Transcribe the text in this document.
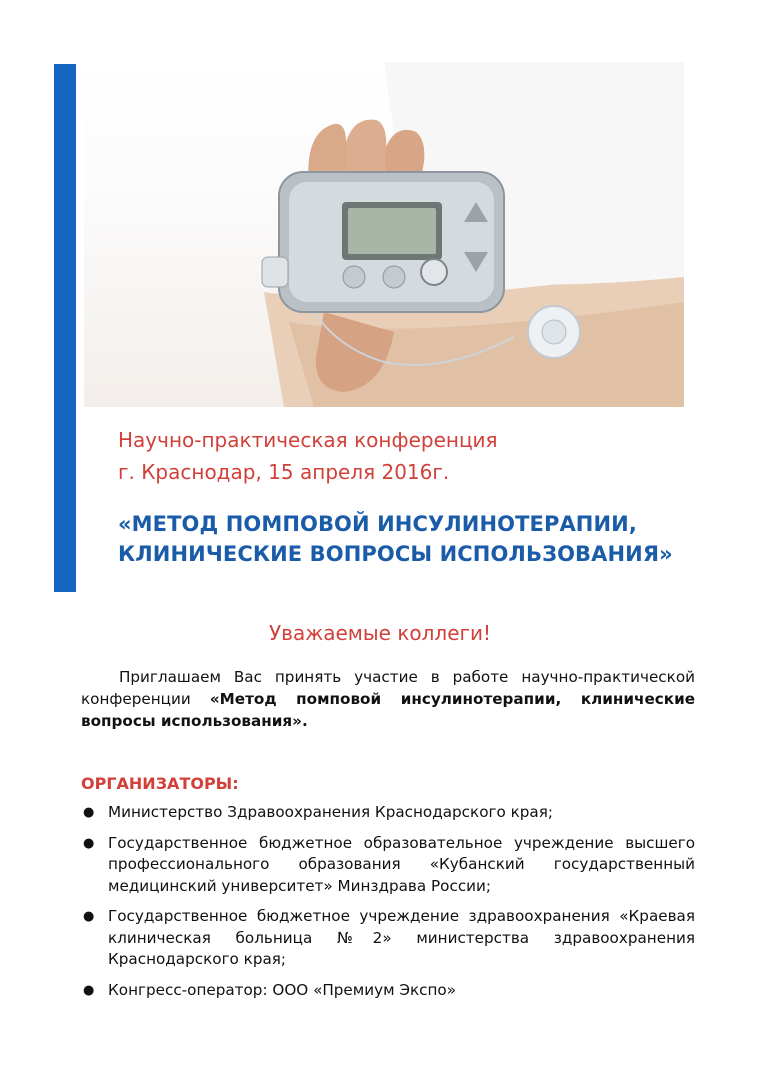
Научно-практическая конференция
г. Краснодар, 15 апреля 2016г.
«МЕТОД ПОМПОВОЙ ИНСУЛИНОТЕРАПИИ,
КЛИНИЧЕСКИЕ ВОПРОСЫ ИСПОЛЬЗОВАНИЯ»
Уважаемые коллеги!
Приглашаем Вас принять участие в работе научно-практической конференции «Метод помповой инсулинотерапии, клинические вопросы использования».
ОРГАНИЗАТОРЫ:
● Министерство Здравоохранения Краснодарского края;
● Государственное бюджетное образовательное учреждение высшего профессионального образования «Кубанский государственный медицинский университет» Минздрава России;
● Государственное бюджетное учреждение здравоохранения «Краевая клиническая больница №2» министерства здравоохранения Краснодарского края;
● Конгресс-оператор: ООО «Премиум Экспо»
